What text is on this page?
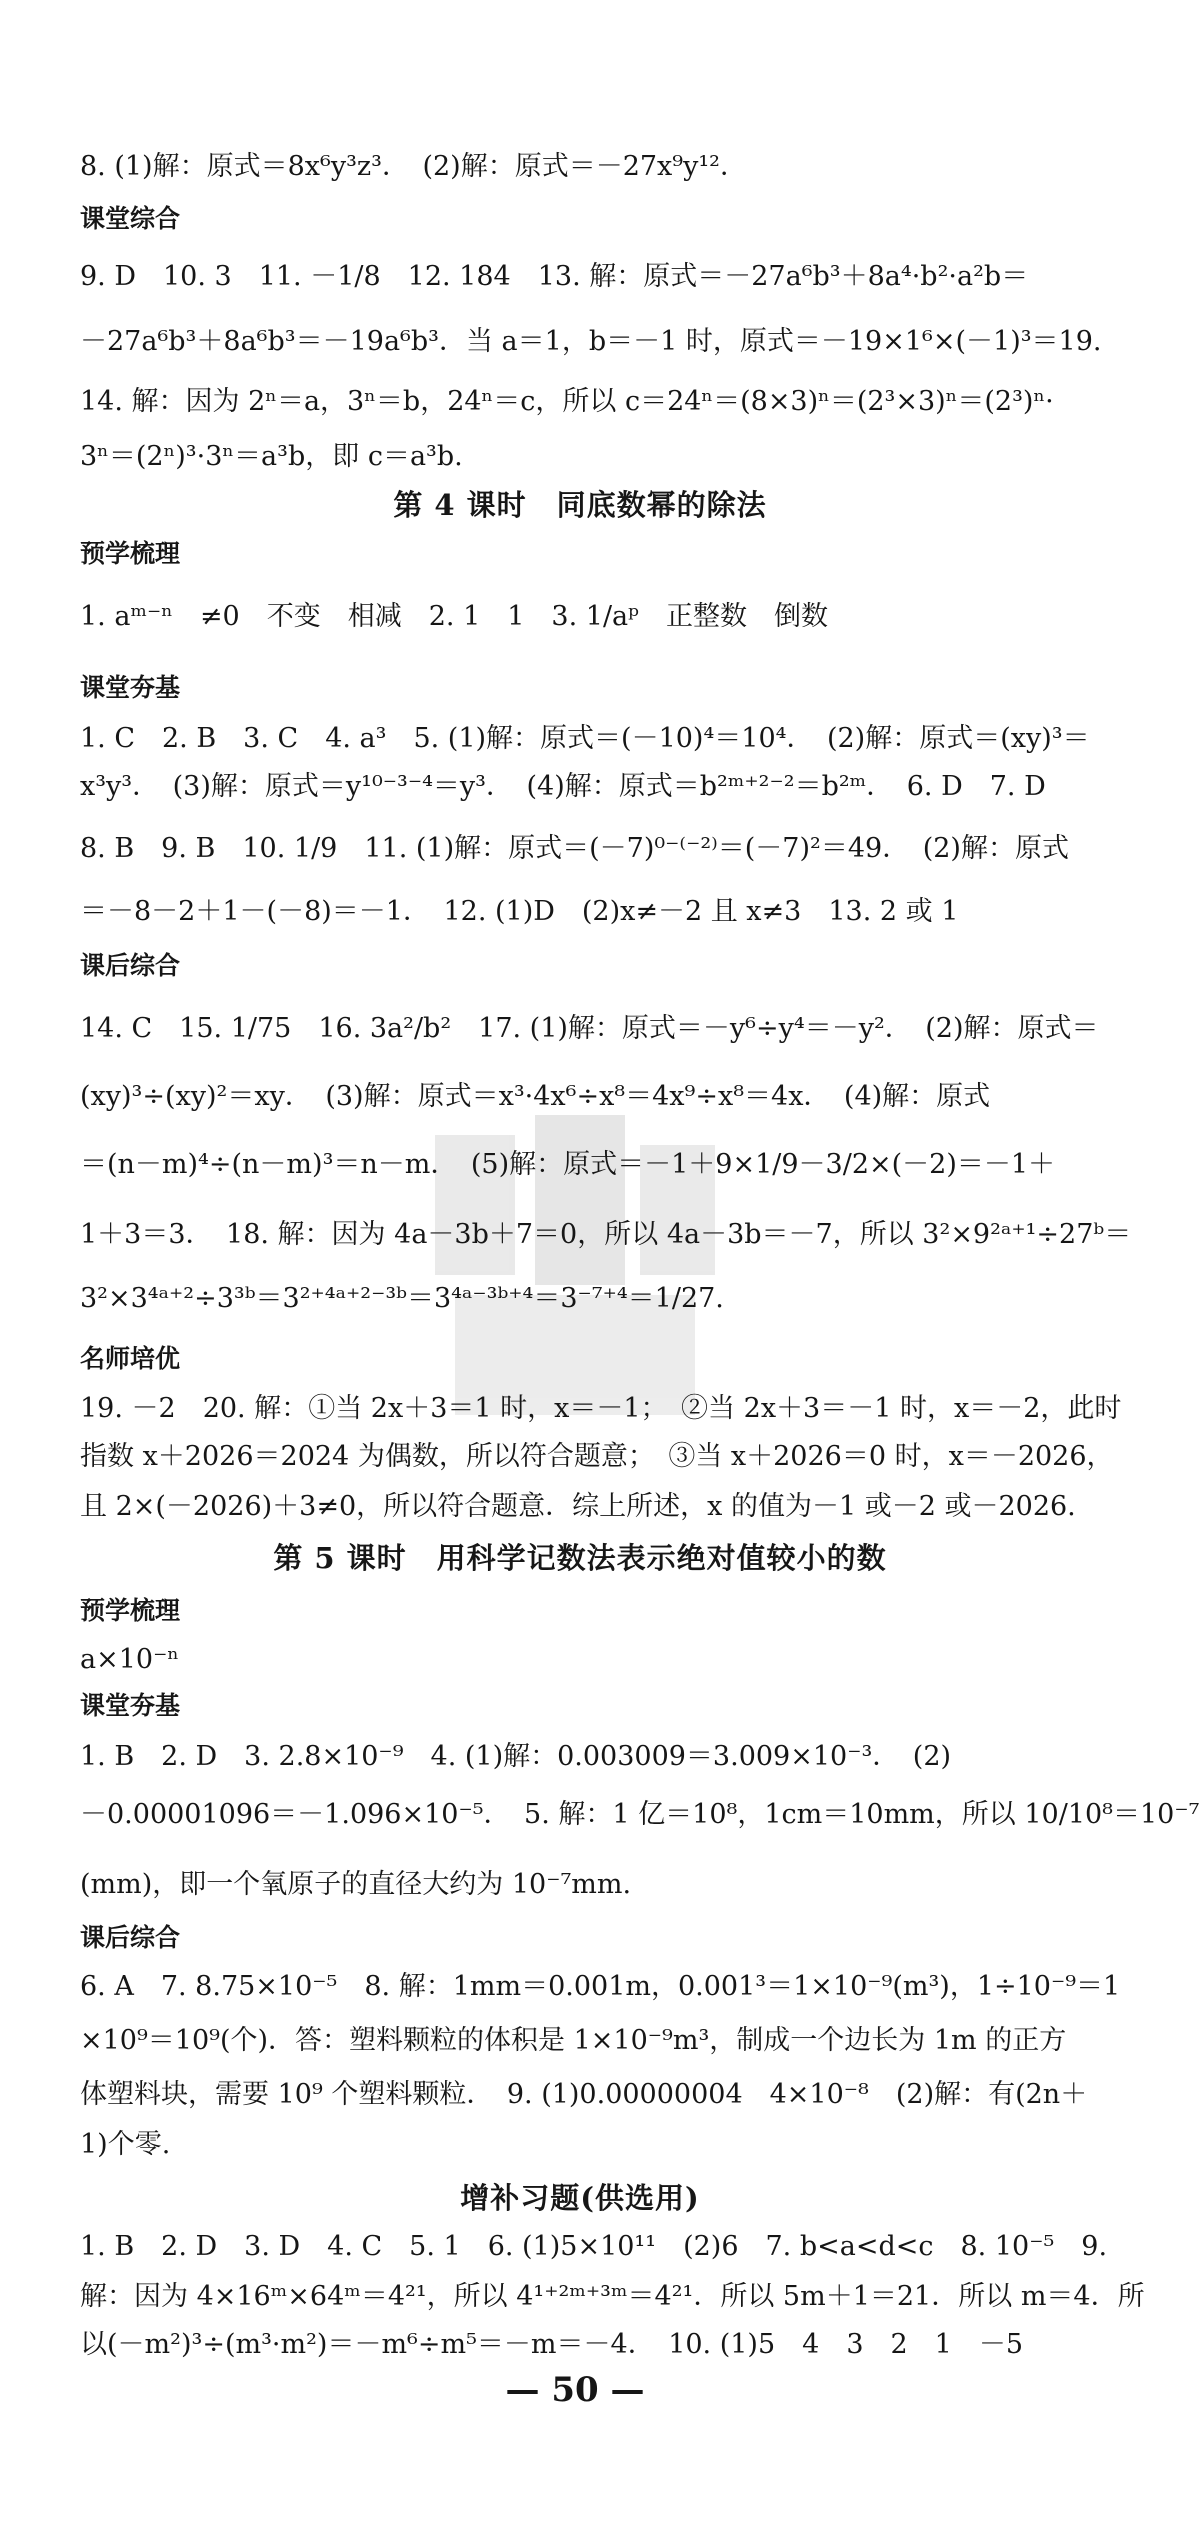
8. (1)解：原式＝8x⁶y³z³．　(2)解：原式＝－27x⁹y¹²．
课堂综合
9. D　10. 3　11. －1/8　12. 184　13. 解：原式＝－27a⁶b³＋8a⁴·b²·a²b＝
－27a⁶b³＋8a⁶b³＝－19a⁶b³．当 a＝1，b＝－1 时，原式＝－19×1⁶×(－1)³＝19.
14. 解：因为 2ⁿ＝a，3ⁿ＝b，24ⁿ＝c，所以 c＝24ⁿ＝(8×3)ⁿ＝(2³×3)ⁿ＝(2³)ⁿ·
3ⁿ＝(2ⁿ)³·3ⁿ＝a³b，即 c＝a³b.
第 4 课时　同底数幂的除法
预学梳理
1. aᵐ⁻ⁿ　≠0　不变　相减　2. 1　1　3. 1/aᵖ　正整数　倒数
课堂夯基
1. C　2. B　3. C　4. a³　5. (1)解：原式＝(－10)⁴＝10⁴．　(2)解：原式＝(xy)³＝
x³y³．　(3)解：原式＝y¹⁰⁻³⁻⁴＝y³．　(4)解：原式＝b²ᵐ⁺²⁻²＝b²ᵐ．　6. D　7. D
8. B　9. B　10. 1/9　11. (1)解：原式＝(－7)⁰⁻⁽⁻²⁾＝(－7)²＝49．　(2)解：原式
＝－8－2＋1－(－8)＝－1．　12. (1)D　(2)x≠－2 且 x≠3　13. 2 或 1
课后综合
14. C　15. 1/75　16. 3a²/b²　17. (1)解：原式＝－y⁶÷y⁴＝－y²．　(2)解：原式＝
(xy)³÷(xy)²＝xy．　(3)解：原式＝x³·4x⁶÷x⁸＝4x⁹÷x⁸＝4x．　(4)解：原式
＝(n－m)⁴÷(n－m)³＝n－m．　(5)解：原式＝－1＋9×1/9－3/2×(－2)＝－1＋
1＋3＝3．　18. 解：因为 4a－3b＋7＝0，所以 4a－3b＝－7，所以 3²×9²ᵃ⁺¹÷27ᵇ＝
3²×3⁴ᵃ⁺²÷3³ᵇ＝3²⁺⁴ᵃ⁺²⁻³ᵇ＝3⁴ᵃ⁻³ᵇ⁺⁴＝3⁻⁷⁺⁴＝1/27.
名师培优
19. －2　20. 解：①当 2x＋3＝1 时，x＝－1；　②当 2x＋3＝－1 时，x＝－2，此时
指数 x＋2026＝2024 为偶数，所以符合题意；　③当 x＋2026＝0 时，x＝－2026，
且 2×(－2026)＋3≠0，所以符合题意．综上所述，x 的值为－1 或－2 或－2026.
第 5 课时　用科学记数法表示绝对值较小的数
预学梳理
a×10⁻ⁿ
课堂夯基
1. B　2. D　3. 2.8×10⁻⁹　4. (1)解：0.003009＝3.009×10⁻³．　(2)
－0.00001096＝－1.096×10⁻⁵．　5. 解：1 亿＝10⁸，1cm＝10mm，所以 10/10⁸＝10⁻⁷
(mm)，即一个氧原子的直径大约为 10⁻⁷mm.
课后综合
6. A　7. 8.75×10⁻⁵　8. 解：1mm＝0.001m，0.001³＝1×10⁻⁹(m³)，1÷10⁻⁹＝1
×10⁹＝10⁹(个)．答：塑料颗粒的体积是 1×10⁻⁹m³，制成一个边长为 1m 的正方
体塑料块，需要 10⁹ 个塑料颗粒．　9. (1)0.00000004　4×10⁻⁸　(2)解：有(2n＋
1)个零.
增补习题(供选用)
1. B　2. D　3. D　4. C　5. 1　6. (1)5×10¹¹　(2)6　7. b<a<d<c　8. 10⁻⁵　9.
解：因为 4×16ᵐ×64ᵐ＝4²¹，所以 4¹⁺²ᵐ⁺³ᵐ＝4²¹．所以 5m＋1＝21．所以 m＝4．所
以(－m²)³÷(m³·m²)＝－m⁶÷m⁵＝－m＝－4．　10. (1)5　4　3　2　1　－5
— 50 —
